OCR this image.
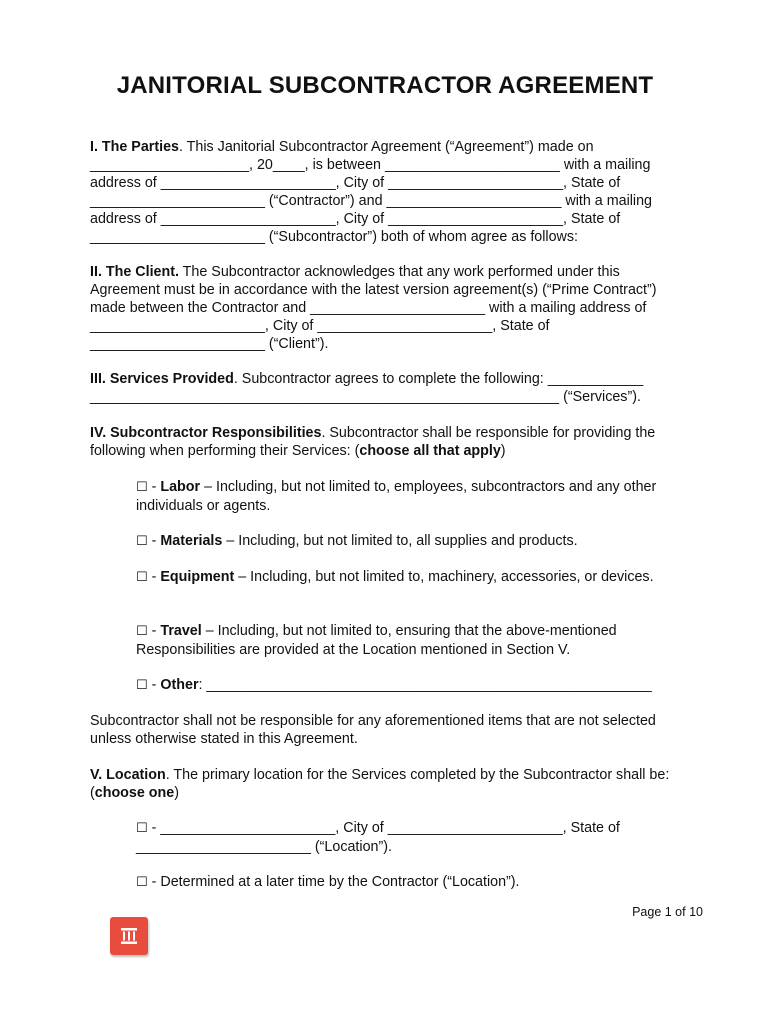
JANITORIAL SUBCONTRACTOR AGREEMENT

I. The Parties. This Janitorial Subcontractor Agreement (“Agreement”) made on ____________________, 20____, is between ______________________ with a mailing address of ______________________, City of ______________________, State of ______________________ (“Contractor”) and ______________________ with a mailing address of ______________________, City of ______________________, State of ______________________ (“Subcontractor”) both of whom agree as follows:

II. The Client. The Subcontractor acknowledges that any work performed under this Agreement must be in accordance with the latest version agreement(s) (“Prime Contract”) made between the Contractor and ______________________ with a mailing address of ______________________, City of ______________________, State of ______________________ (“Client”).

III. Services Provided. Subcontractor agrees to complete the following: ____________ ___________________________________________________________ (“Services”).

IV. Subcontractor Responsibilities. Subcontractor shall be responsible for providing the following when performing their Services: (choose all that apply)

☐ - Labor – Including, but not limited to, employees, subcontractors and any other individuals or agents.

☐ - Materials – Including, but not limited to, all supplies and products.

☐ - Equipment – Including, but not limited to, machinery, accessories, or devices.

☐ - Travel – Including, but not limited to, ensuring that the above-mentioned Responsibilities are provided at the Location mentioned in Section V.

☐ - Other: ________________________________________________________

Subcontractor shall not be responsible for any aforementioned items that are not selected unless otherwise stated in this Agreement.

V. Location. The primary location for the Services completed by the Subcontractor shall be: (choose one)

☐ - ______________________, City of ______________________, State of ______________________ (“Location”).

☐ - Determined at a later time by the Contractor (“Location”).

Page 1 of 10
